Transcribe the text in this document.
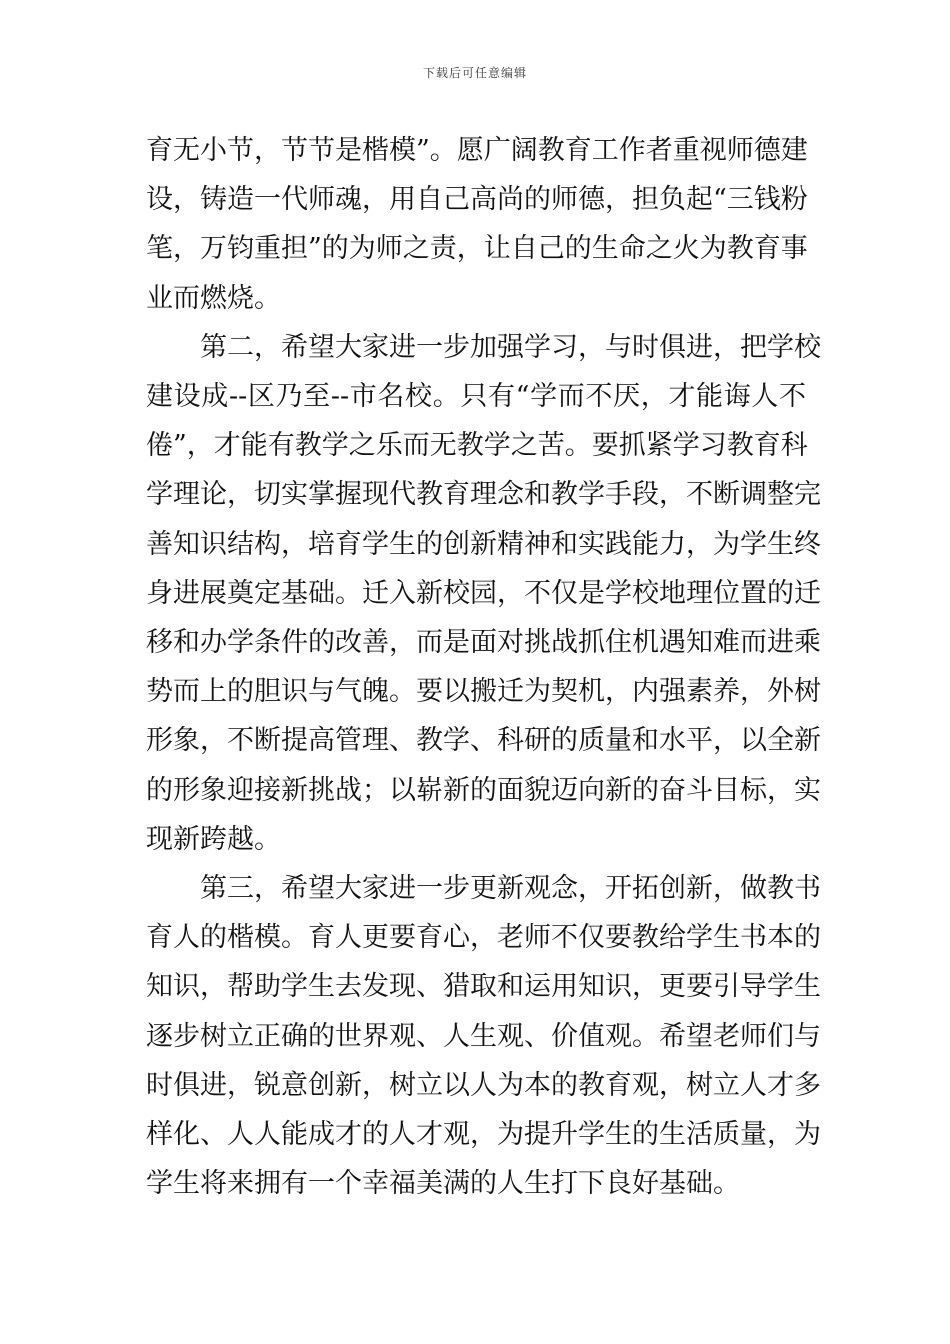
下载后可任意编辑

育无小节，节节是楷模”。愿广阔教育工作者重视师德建
设，铸造一代师魂，用自己高尚的师德，担负起“三钱粉
笔，万钧重担”的为师之责，让自己的生命之火为教育事
业而燃烧。

第二，希望大家进一步加强学习，与时俱进，把学校
建设成--区乃至--市名校。只有“学而不厌，才能诲人不
倦”，才能有教学之乐而无教学之苦。要抓紧学习教育科
学理论，切实掌握现代教育理念和教学手段，不断调整完
善知识结构，培育学生的创新精神和实践能力，为学生终
身进展奠定基础。迁入新校园，不仅是学校地理位置的迁
移和办学条件的改善，而是面对挑战抓住机遇知难而进乘
势而上的胆识与气魄。要以搬迁为契机，内强素养，外树
形象，不断提高管理、教学、科研的质量和水平，以全新
的形象迎接新挑战；以崭新的面貌迈向新的奋斗目标，实
现新跨越。

第三，希望大家进一步更新观念，开拓创新，做教书
育人的楷模。育人更要育心，老师不仅要教给学生书本的
知识，帮助学生去发现、猎取和运用知识，更要引导学生
逐步树立正确的世界观、人生观、价值观。希望老师们与
时俱进，锐意创新，树立以人为本的教育观，树立人才多
样化、人人能成才的人才观，为提升学生的生活质量，为
学生将来拥有一个幸福美满的人生打下良好基础。
